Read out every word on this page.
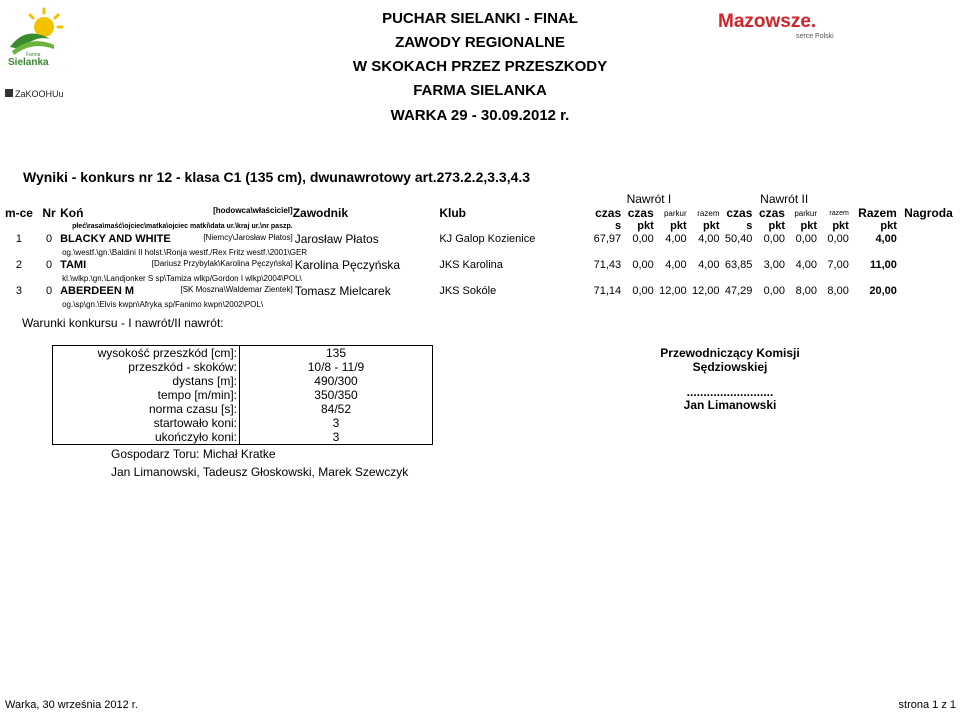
Farma
Sielanka
ZaKOOHUu
Mazowsze.
serce Polski
PUCHAR SIELANKI - FINAŁ
ZAWODY REGIONALNE
W SKOKACH PRZEZ PRZESZKODY
FARMA SIELANKA
WARKA 29 - 30.09.2012 r.
Wyniki - konkurs nr 12 - klasa C1 (135 cm), dwunawrotowy art.273.2.2,3.3,4.3
					Nawrót I				Nawrót II					
m-ce	Nr	Koń [hodowca\właściciel]	Zawodnik	Klub	czas	czas	parkur	razem	czas	czas	parkur	razem	Razem	Nagroda
		płeć\rasa\maść\ojciec\matka\ojciec matki\data ur.\kraj ur.\nr paszp.			s	pkt	pkt	pkt	s	pkt	pkt	pkt	pkt	
1	0	BLACKY AND WHITE [Niemcy\Jarosław Płatos]	Jarosław Płatos	KJ Galop Kozienice	67,97	0,00	4,00	4,00	50,40	0,00	0,00	0,00	4,00	
		og.\westf.\gn.\Baldini II holst.\Ronja westf./Rex Fritz westf.\2001\GER												
2	0	TAMI [Dariusz Przybylak\Karolina Pęczyńska]	Karolina Pęczyńska	JKS Karolina	71,43	0,00	4,00	4,00	63,85	3,00	4,00	7,00	11,00	
		kl.\wlkp.\gn.\Landjonker S sp\Tamiza wlkp/Gordon I wlkp\2004\POL\												
3	0	ABERDEEN M [SK Moszna\Waldemar Zientek]	Tomasz Mielcarek	JKS Sokóle	71,14	0,00	12,00	12,00	47,29	0,00	8,00	8,00	20,00	
		og.\sp\gn.\Elvis kwpn\Afryka sp/Fanimo kwpn\2002\POL\												
Warunki konkursu - I nawrót/II nawrót:
wysokość przeszkód [cm]:	135
przeszkód - skoków:	10/8 - 11/9
dystans [m]:	490/300
tempo [m/min]:	350/350
norma czasu [s]:	84/52
startowało koni:	3
ukończyło koni:	3
Gospodarz Toru: Michał Kratke
Jan Limanowski, Tadeusz Głoskowski, Marek Szewczyk
Przewodniczący Komisji
Sędziowskiej
..........................
Jan Limanowski
Warka, 30 września 2012 r.	strona 1 z 1
